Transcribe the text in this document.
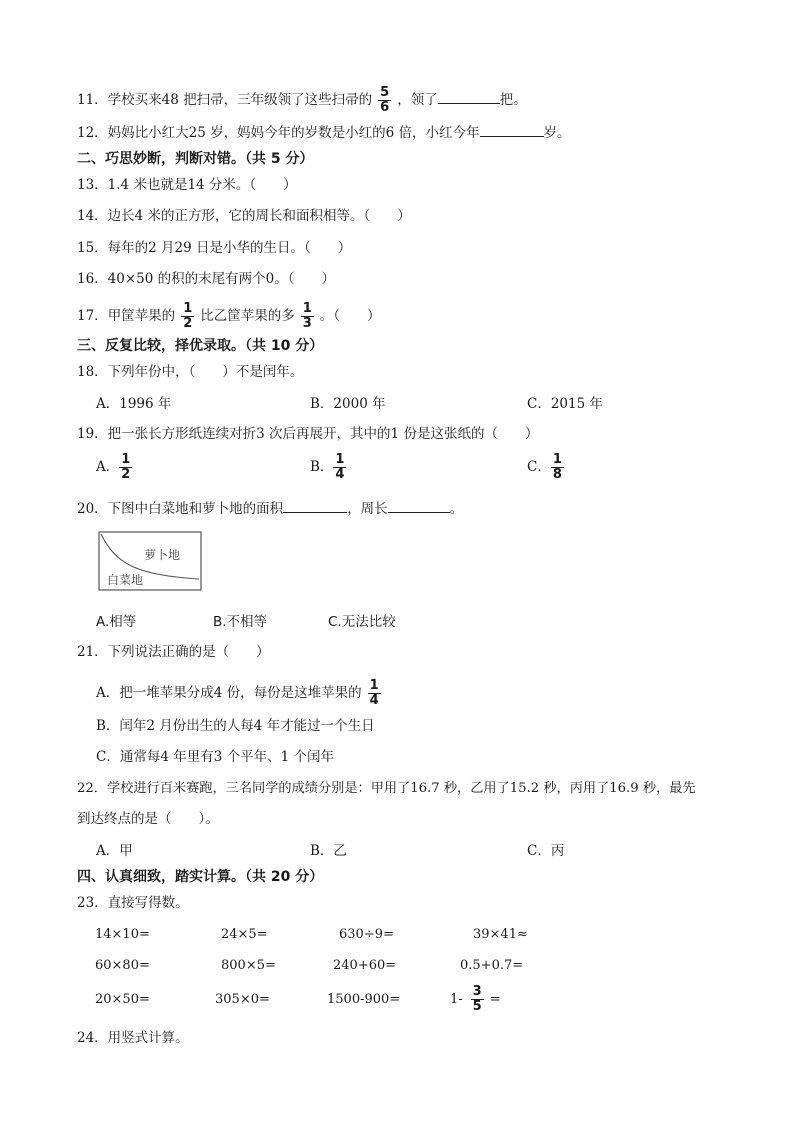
11．学校买来48 把扫帚，三年级领了这些扫帚的 $\frac{5}{6}$ ，领了	把。
12．妈妈比小红大25 岁，妈妈今年的岁数是小红的6 倍，小红今年	岁。
二、巧思妙断，判断对错。（共 5 分）
13．1.4 米也就是14 分米。（　　）
14．边长4 米的正方形，它的周长和面积相等。（　　）
15．每年的2 月29 日是小华的生日。（　　）
16．40×50 的积的末尾有两个0。（　　）
17．甲筐苹果的 $\frac{1}{2}$ 比乙筐苹果的多 $\frac{1}{3}$ 。（　　）
三、反复比较，择优录取。（共 10 分）
18．下列年份中，（　　）不是闰年。
A．1996 年	B．2000 年	C．2015 年
19．把一张长方形纸连续对折3 次后再展开，其中的1 份是这张纸的（　　）
A． $\frac{1}{2}$	B． $\frac{1}{4}$	C． $\frac{1}{8}$
20．下图中白菜地和萝卜地的面积	，周长	。
萝卜地
白菜地
A.相等	B.不相等	C.无法比较
21．下列说法正确的是（　　）
A．把一堆苹果分成4 份，每份是这堆苹果的 $\frac{1}{4}$
B．闰年2 月份出生的人每4 年才能过一个生日
C．通常每4 年里有3 个平年、1 个闰年
22．学校进行百米赛跑，三名同学的成绩分别是：甲用了16.7 秒，乙用了15.2 秒，丙用了16.9 秒，最先
到达终点的是（　　）。
A．甲	B．乙	C．丙
四、认真细致，踏实计算。（共 20 分）
23．直接写得数。
14×10=	24×5=	630÷9=	39×41≈
60×80=	800×5=	240+60=	0.5+0.7=
20×50=	305×0=	1500-900=	$1- \frac{3}{5}$ =
24．用竖式计算。
